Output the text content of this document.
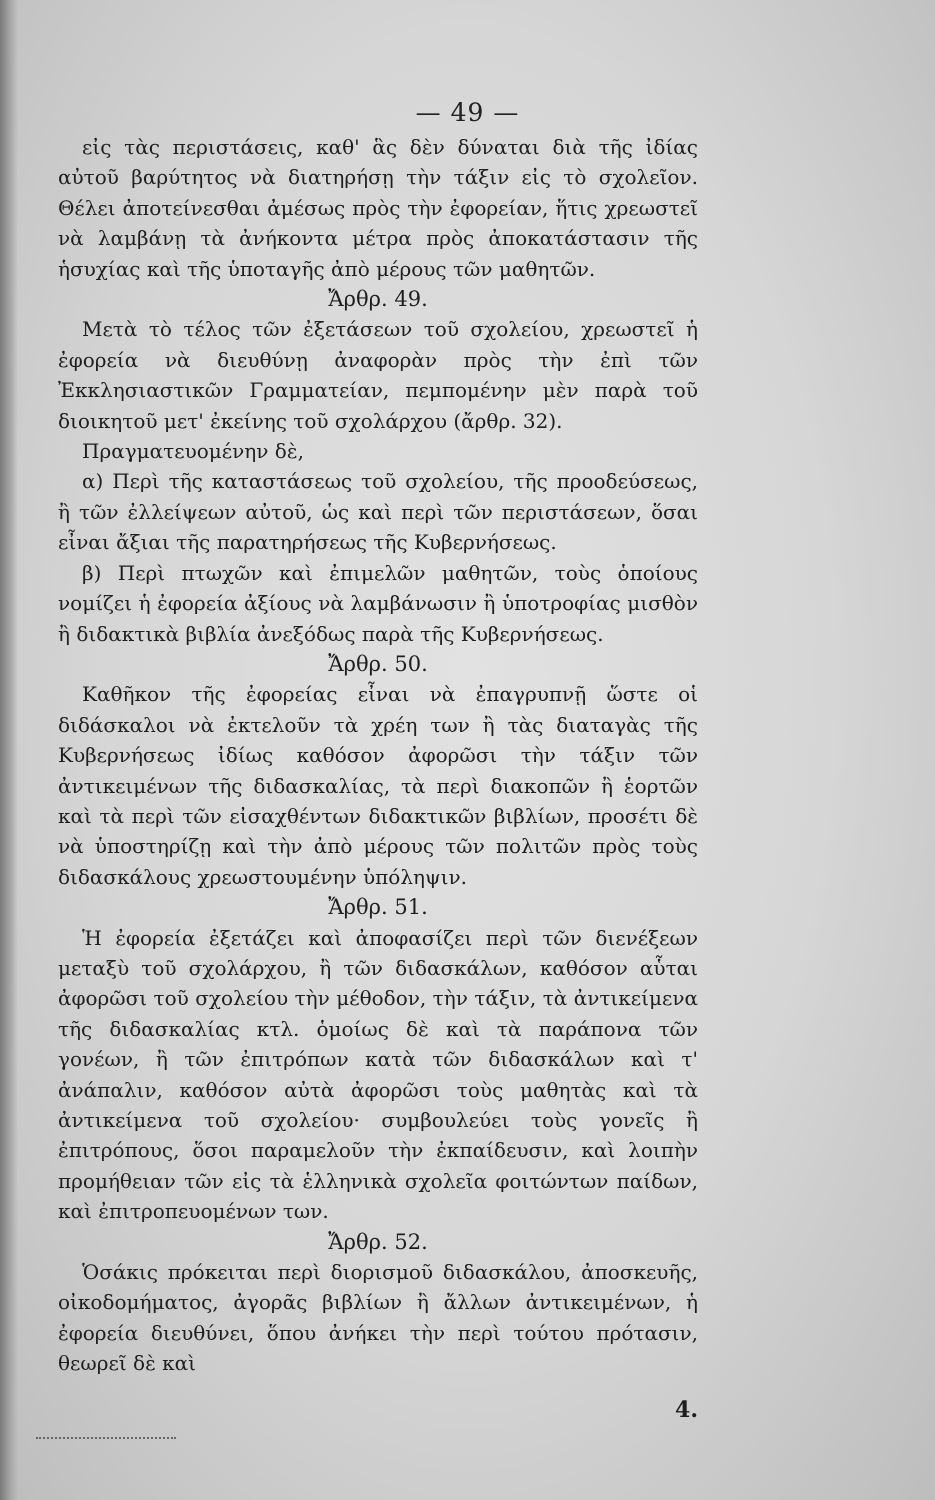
— 49 —

εἰς τὰς περιστάσεις, καθ' ἃς δὲν δύναται διὰ τῆς ἰδίας αὐτοῦ βαρύτητος νὰ διατηρήσῃ τὴν τάξιν εἰς τὸ σχολεῖον. Θέλει ἀποτείνεσθαι ἀμέσως πρὸς τὴν ἐφορείαν, ἥτις χρεωστεῖ νὰ λαμβάνῃ τὰ ἀνήκοντα μέτρα πρὸς ἀποκατάστασιν τῆς ἡσυχίας καὶ τῆς ὑποταγῆς ἀπὸ μέρους τῶν μαθητῶν.

Ἄρθρ. 49.

Μετὰ τὸ τέλος τῶν ἐξετάσεων τοῦ σχολείου, χρεωστεῖ ἡ ἐφορεία νὰ διευθύνῃ ἀναφορὰν πρὸς τὴν ἐπὶ τῶν Ἐκκλησιαστικῶν Γραμματείαν, πεμπομένην μὲν παρὰ τοῦ διοικητοῦ μετ' ἐκείνης τοῦ σχολάρχου (ἄρθρ. 32).

Πραγματευομένην δὲ,

α) Περὶ τῆς καταστάσεως τοῦ σχολείου, τῆς προοδεύσεως, ἢ τῶν ἐλλείψεων αὐτοῦ, ὡς καὶ περὶ τῶν περιστάσεων, ὅσαι εἶναι ἄξιαι τῆς παρατηρήσεως τῆς Κυβερνήσεως.

β) Περὶ πτωχῶν καὶ ἐπιμελῶν μαθητῶν, τοὺς ὁποίους νομίζει ἡ ἐφορεία ἀξίους νὰ λαμβάνωσιν ἢ ὑποτροφίας μισθὸν ἢ διδακτικὰ βιβλία ἀνεξόδως παρὰ τῆς Κυβερνήσεως.

Ἄρθρ. 50.

Καθῆκον τῆς ἐφορείας εἶναι νὰ ἐπαγρυπνῇ ὥστε οἱ διδάσκαλοι νὰ ἐκτελοῦν τὰ χρέη των ἢ τὰς διαταγὰς τῆς Κυβερνήσεως ἰδίως καθόσον ἀφορῶσι τὴν τάξιν τῶν ἀντικειμένων τῆς διδασκαλίας, τὰ περὶ διακοπῶν ἢ ἑορτῶν καὶ τὰ περὶ τῶν εἰσαχθέντων διδακτικῶν βιβλίων, προσέτι δὲ νὰ ὑποστηρίζῃ καὶ τὴν ἀπὸ μέρους τῶν πολιτῶν πρὸς τοὺς διδασκάλους χρεωστουμένην ὑπόληψιν.

Ἄρθρ. 51.

Ἡ ἐφορεία ἐξετάζει καὶ ἀποφασίζει περὶ τῶν διενέξεων μεταξὺ τοῦ σχολάρχου, ἢ τῶν διδασκάλων, καθόσον αὗται ἀφορῶσι τοῦ σχολείου τὴν μέθοδον, τὴν τάξιν, τὰ ἀντικείμενα τῆς διδασκαλίας κτλ. ὁμοίως δὲ καὶ τὰ παράπονα τῶν γονέων, ἢ τῶν ἐπιτρόπων κατὰ τῶν διδασκάλων καὶ τ' ἀνάπαλιν, καθόσον αὐτὰ ἀφορῶσι τοὺς μαθητὰς καὶ τὰ ἀντικείμενα τοῦ σχολείου· συμβουλεύει τοὺς γονεῖς ἢ ἐπιτρόπους, ὅσοι παραμελοῦν τὴν ἐκπαίδευσιν, καὶ λοιπὴν προμήθειαν τῶν εἰς τὰ ἑλληνικὰ σχολεῖα φοιτώντων παίδων, καὶ ἐπιτροπευομένων των.

Ἄρθρ. 52.

Ὁσάκις πρόκειται περὶ διορισμοῦ διδασκάλου, ἀποσκευῆς, οἰκοδομήματος, ἀγορᾶς βιβλίων ἢ ἄλλων ἀντικειμένων, ἡ ἐφορεία διευθύνει, ὅπου ἀνήκει τὴν περὶ τούτου πρότασιν, θεωρεῖ δὲ καὶ

4.
